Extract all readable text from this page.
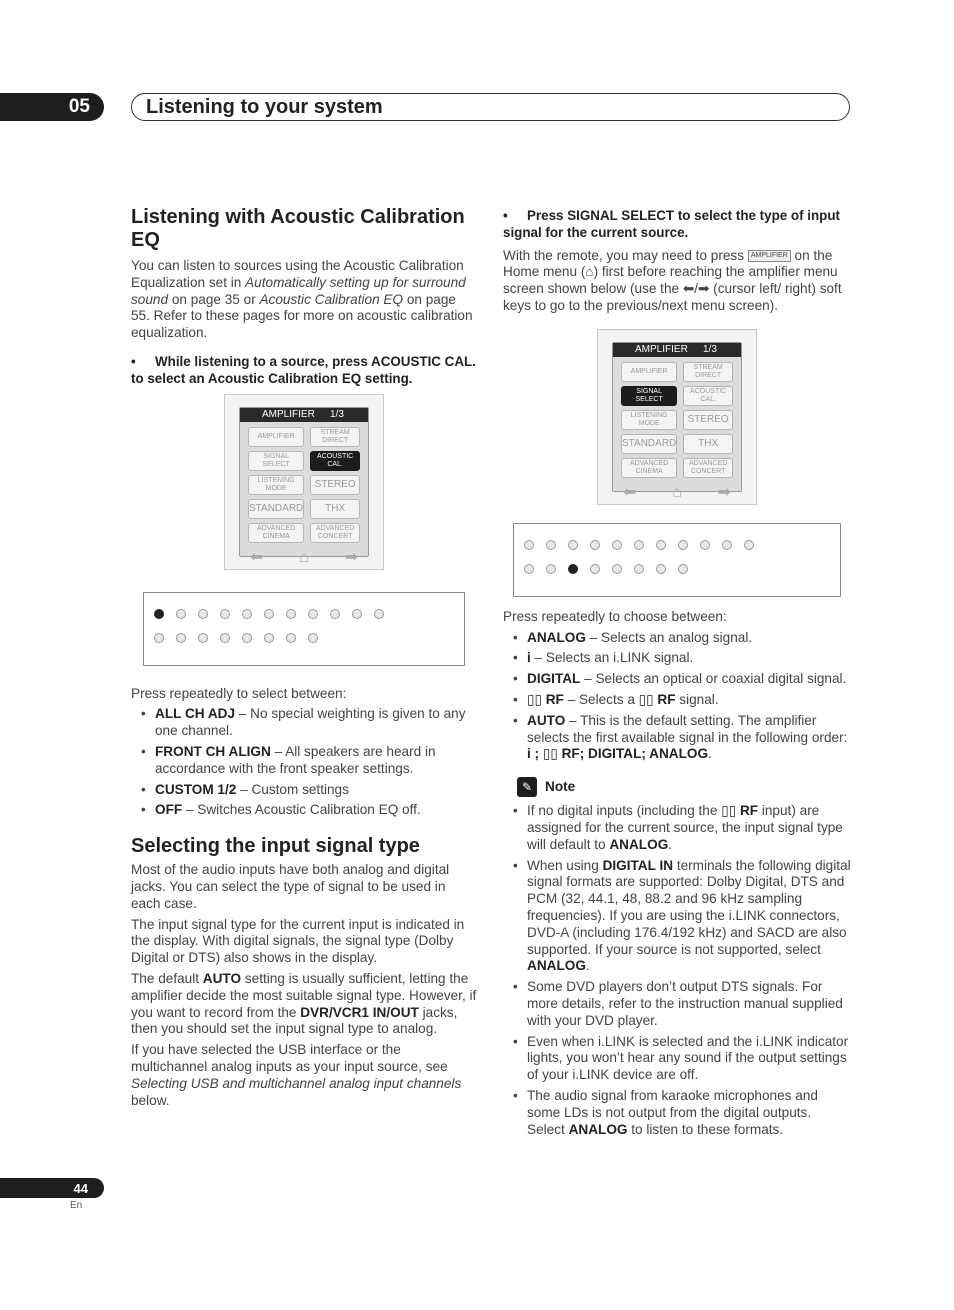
05	Listening to your system
Listening with Acoustic Calibration EQ

You can listen to sources using the Acoustic Calibration Equalization set in Automatically setting up for surround sound on page 35 or Acoustic Calibration EQ on page 55. Refer to these pages for more on acoustic calibration equalization.

• While listening to a source, press ACOUSTIC CAL. to select an Acoustic Calibration EQ setting.
AMPLIFIER 1/3
AMPLIFIER
STREAM DIRECT
SIGNAL SELECT
ACOUSTIC CAL.
LISTENING MODE	STEREO
STANDARD	THX
ADVANCED CINEMA
ADVANCED CONCERT
⬅ ⌂ ➡

Press repeatedly to select between:

• ALL CH ADJ – No special weighting is given to any one channel.
• FRONT CH ALIGN – All speakers are heard in accordance with the front speaker settings.
• CUSTOM 1/2 – Custom settings
• OFF – Switches Acoustic Calibration EQ off.
Selecting the input signal type

Most of the audio inputs have both analog and digital jacks. You can select the type of signal to be used in each case.

The input signal type for the current input is indicated in the display. With digital signals, the signal type (Dolby Digital or DTS) also shows in the display.

The default AUTO setting is usually sufficient, letting the amplifier decide the most suitable signal type. However, if you want to record from the DVR/VCR1 IN/OUT jacks, then you should set the input signal type to analog.

If you have selected the USB interface or the multichannel analog inputs as your input source, see Selecting USB and multichannel analog input channels below.

• Press SIGNAL SELECT to select the type of input signal for the current source.

With the remote, you may need to press AMPLIFIER on the Home menu (⌂) first before reaching the amplifier menu screen shown below (use the ⬅/➡ (cursor left/ right) soft keys to go to the previous/next menu screen).

AMPLIFIER 1/3
AMPLIFIER
STREAM DIRECT
SIGNAL SELECT
ACOUSTIC CAL.
LISTENING MODE	STEREO
STANDARD	THX
ADVANCED CINEMA
ADVANCED CONCERT
⬅ ⌂ ➡

Press repeatedly to choose between:

• ANALOG – Selects an analog signal.
• i – Selects an i.LINK signal.
• DIGITAL – Selects an optical or coaxial digital signal.
• ▯▯ RF – Selects a ▯▯ RF signal.
• AUTO – This is the default setting. The amplifier selects the first available signal in the following order: i ; ▯▯ RF; DIGITAL; ANALOG.
✎ Note
• If no digital inputs (including the ▯▯ RF input) are assigned for the current source, the input signal type will default to ANALOG.
• When using DIGITAL IN terminals the following digital signal formats are supported: Dolby Digital, DTS and PCM (32, 44.1, 48, 88.2 and 96 kHz sampling frequencies). If you are using the i.LINK connectors, DVD-A (including 176.4/192 kHz) and SACD are also supported. If your source is not supported, select ANALOG.
• Some DVD players don’t output DTS signals. For more details, refer to the instruction manual supplied with your DVD player.
• Even when i.LINK is selected and the i.LINK indicator lights, you won’t hear any sound if the output settings of your i.LINK device are off.
• The audio signal from karaoke microphones and some LDs is not output from the digital outputs. Select ANALOG to listen to these formats.
44
En
